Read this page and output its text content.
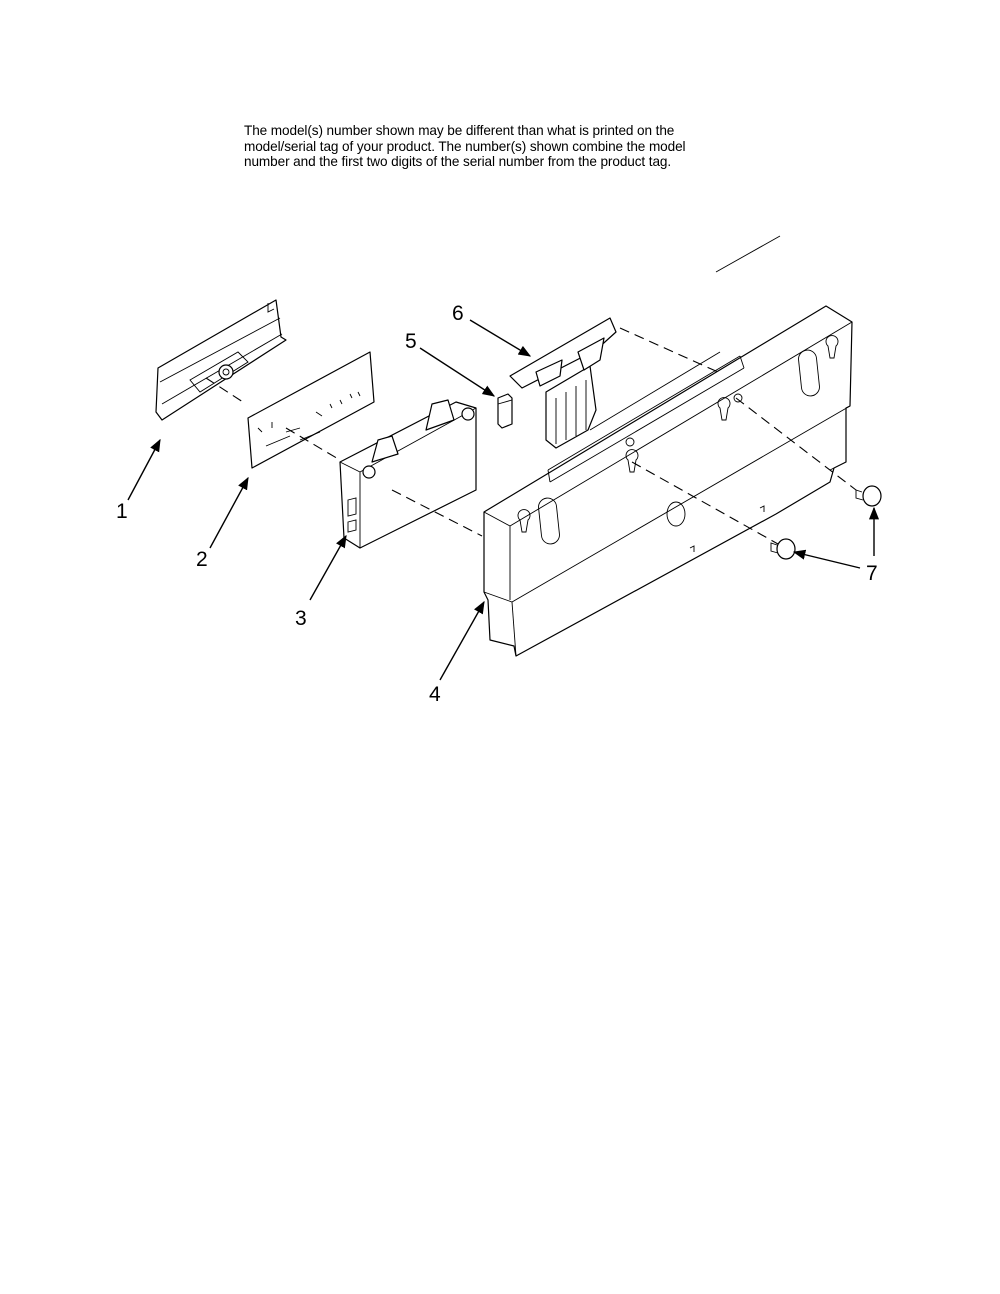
The model(s) number shown may be different than what is printed on the
model/serial tag of your product. The number(s) shown combine the model
number and the first two digits of the serial number from the product tag.
1
2
3
4
5
6
7
